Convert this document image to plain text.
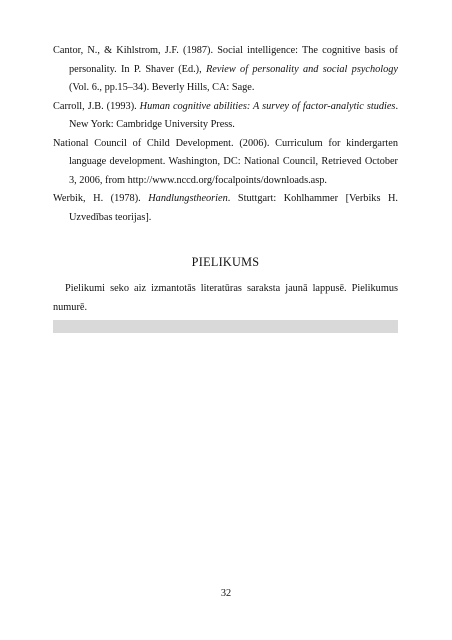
Cantor, N., & Kihlstrom, J.F. (1987). Social intelligence: The cognitive basis of personality. In P. Shaver (Ed.), Review of personality and social psychology (Vol. 6., pp.15–34). Beverly Hills, CA: Sage.

Carroll, J.B. (1993). Human cognitive abilities: A survey of factor-analytic studies. New York: Cambridge University Press.

National Council of Child Development. (2006). Curriculum for kindergarten language development. Washington, DC: National Council, Retrieved October 3, 2006, from http://www.nccd.org/focalpoints/downloads.asp.

Werbik, H. (1978). Handlungstheorien. Stuttgart: Kohlhammer [Verbiks H. Uzvedības teorijas].

PIELIKUMS

Pielikumi seko aiz izmantotās literatūras saraksta jaunā lappusē. Pielikumus numurē.

32
